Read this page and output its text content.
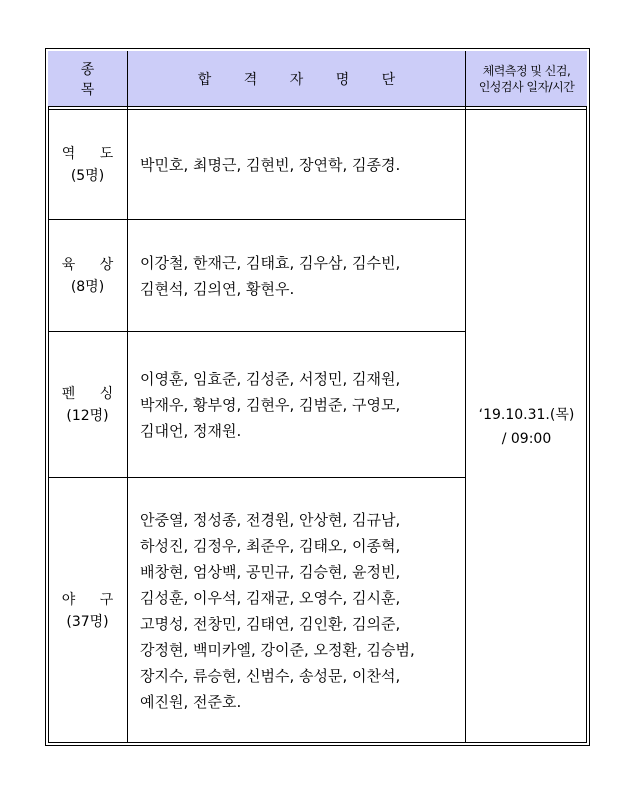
종 목
합 격 자 명 단
체력측정 및 신검,
인성검사 일자/시간
역 도
(5명)
박민호, 최명근, 김현빈, 장연학, 김종경.
육 상
(8명)
이강철, 한재근, 김태효, 김우삼, 김수빈,
김현석, 김의연, 황현우.
펜 싱
(12명)
이영훈, 임효준, 김성준, 서정민, 김재원,
박재우, 황부영, 김현우, 김범준, 구영모,
김대언, 정재원.
야 구
(37명)
안중열, 정성종, 전경원, 안상현, 김규남,
하성진, 김정우, 최준우, 김태오, 이종혁,
배창현, 엄상백, 공민규, 김승현, 윤정빈,
김성훈, 이우석, 김재균, 오영수, 김시훈,
고명성, 전창민, 김태연, 김인환, 김의준,
강정현, 백미카엘, 강이준, 오정환, 김승범,
장지수, 류승현, 신범수, 송성문, 이찬석,
예진원, 전준호.
‘19.10.31.(목)
/ 09:00
